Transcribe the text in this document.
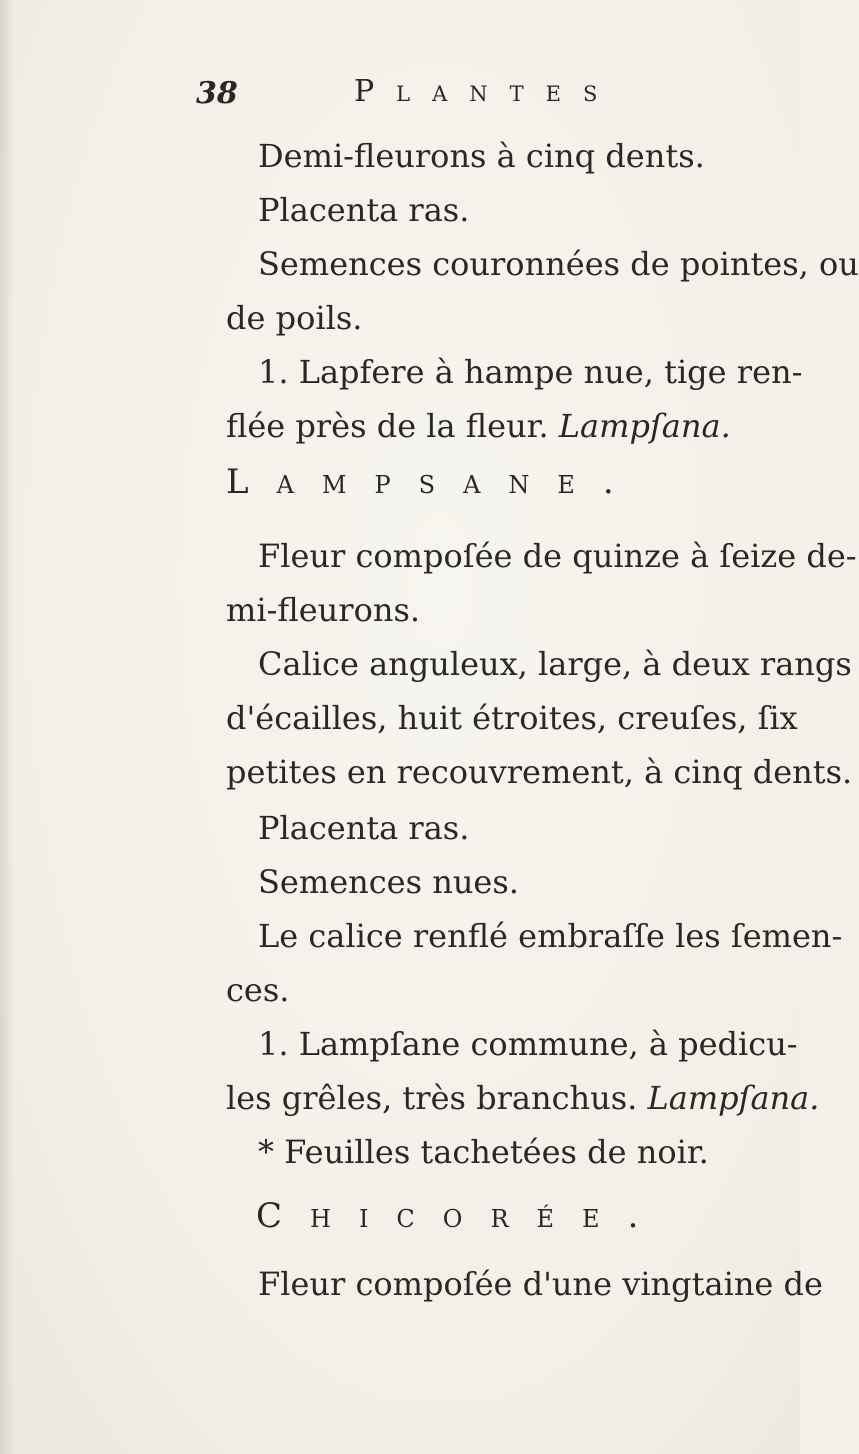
38	Plantes
Demi-fleurons à cinq dents.
Placenta ras.
Semences couronnées de pointes, ou
de poils.
1. Lapfere à hampe nue, tige ren-
flée près de la fleur. Lampſana.
Lampsane.
Fleur compoſée de quinze à ſeize de-
mi-fleurons.
Calice anguleux, large, à deux rangs
d'écailles, huit étroites, creuſes, ſix
petites en recouvrement, à cinq dents.
Placenta ras.
Semences nues.
Le calice renflé embraſſe les ſemen-
ces.
1. Lampſane commune, à pedicu-
les grêles, très branchus. Lampſana.
* Feuilles tachetées de noir.
Chicorée.
Fleur compoſée d'une vingtaine de
